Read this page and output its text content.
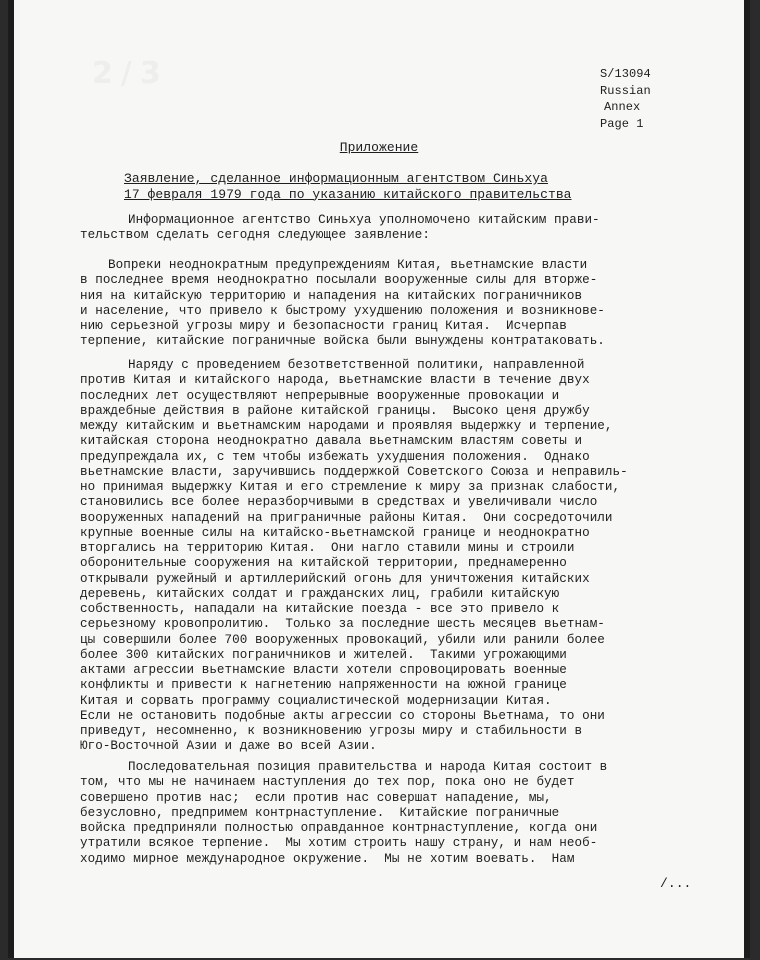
2/3	S/13094
Russian
Annex
Page 1
Приложение
Заявление, сделанное информационным агентством Синьхуа
17 февраля 1979 года по указанию китайского правительства
Информационное агентство Синьхуа уполномочено китайским прави-
тельством сделать сегодня следующее заявление:
Вопреки неоднократным предупреждениям Китая, вьетнамские власти
в последнее время неоднократно посылали вооруженные силы для вторже-
ния на китайскую территорию и нападения на китайских пограничников
и население, что привело к быстрому ухудшению положения и возникнове-
нию серьезной угрозы миру и безопасности границ Китая.  Исчерпав
терпение, китайские пограничные войска были вынуждены контратаковать.
Наряду с проведением безответственной политики, направленной
против Китая и китайского народа, вьетнамские власти в течение двух
последних лет осуществляют непрерывные вооруженные провокации и
враждебные действия в районе китайской границы.  Высоко ценя дружбу
между китайским и вьетнамским народами и проявляя выдержку и терпение,
китайская сторона неоднократно давала вьетнамским властям советы и
предупреждала их, с тем чтобы избежать ухудшения положения.  Однако
вьетнамские власти, заручившись поддержкой Советского Союза и неправиль-
но принимая выдержку Китая и его стремление к миру за признак слабости,
становились все более неразборчивыми в средствах и увеличивали число
вооруженных нападений на приграничные районы Китая.  Они сосредоточили
крупные военные силы на китайско-вьетнамской границе и неоднократно
вторгались на территорию Китая.  Они нагло ставили мины и строили
оборонительные сооружения на китайской территории, преднамеренно
открывали ружейный и артиллерийский огонь для уничтожения китайских
деревень, китайских солдат и гражданских лиц, грабили китайскую
собственность, нападали на китайские поезда - все это привело к
серьезному кровопролитию.  Только за последние шесть месяцев вьетнам-
цы совершили более 700 вооруженных провокаций, убили или ранили более
более 300 китайских пограничников и жителей.  Такими угрожающими
актами агрессии вьетнамские власти хотели спровоцировать военные
конфликты и привести к нагнетению напряженности на южной границе
Китая и сорвать программу социалистической модернизации Китая.
Если не остановить подобные акты агрессии со стороны Вьетнама, то они
приведут, несомненно, к возникновению угрозы миру и стабильности в
Юго-Восточной Азии и даже во всей Азии.
Последовательная позиция правительства и народа Китая состоит в
том, что мы не начинаем наступления до тех пор, пока оно не будет
совершено против нас;  если против нас совершат нападение, мы,
безусловно, предпримем контрнаступление.  Китайские пограничные
войска предприняли полностью оправданное контрнаступление, когда они
утратили всякое терпение.  Мы хотим строить нашу страну, и нам необ-
ходимо мирное международное окружение.  Мы не хотим воевать.  Нам
/...
